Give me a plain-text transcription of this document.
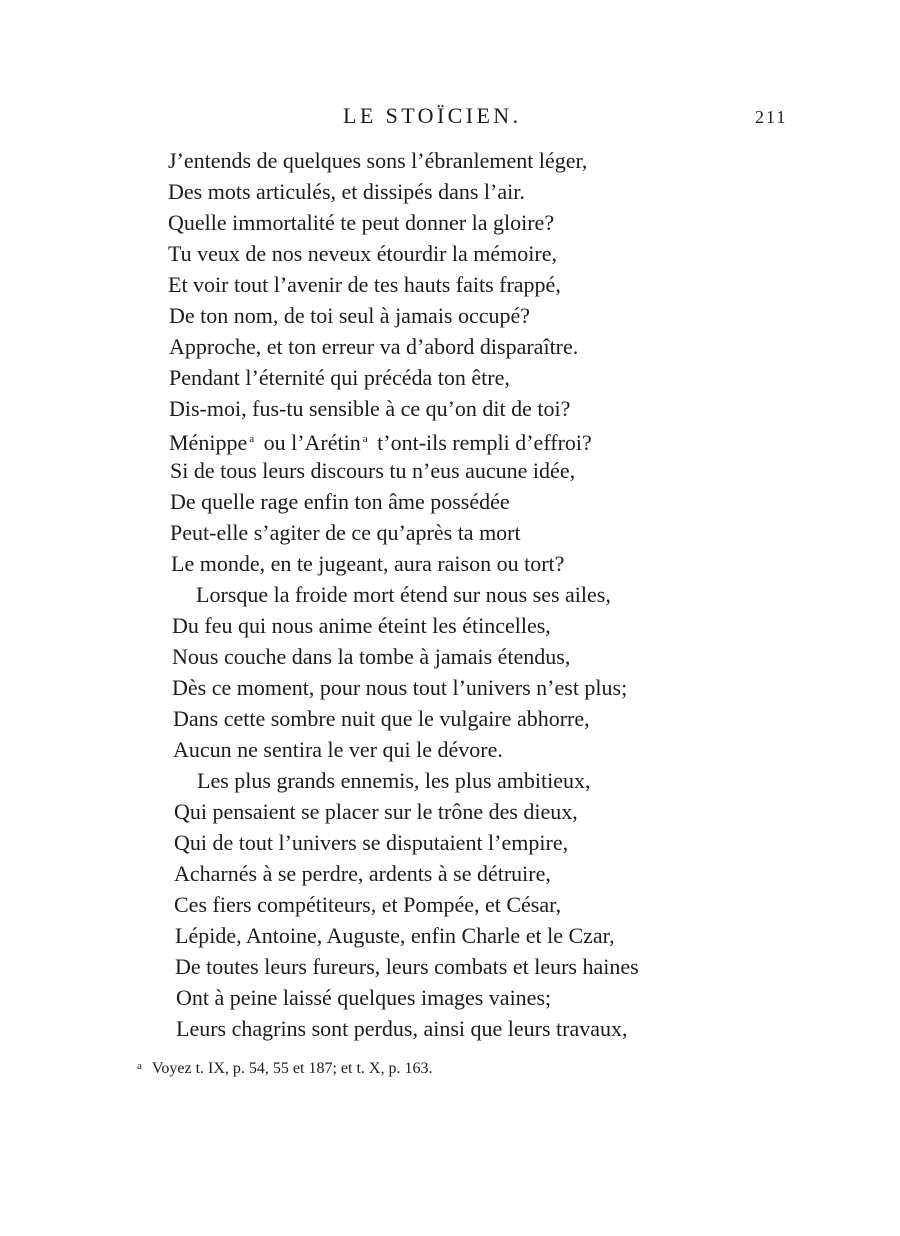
LE STOÏCIEN.	211
J’entends de quelques sons l’ébranlement léger,
Des mots articulés, et dissipés dans l’air.
Quelle immortalité te peut donner la gloire?
Tu veux de nos neveux étourdir la mémoire,
Et voir tout l’avenir de tes hauts faits frappé,
De ton nom, de toi seul à jamais occupé?
Approche, et ton erreur va d’abord disparaître.
Pendant l’éternité qui précéda ton être,
Dis-moi, fus-tu sensible à ce qu’on dit de toi?
Ménippe $^a$ ou l’Arétin $^a$ t’ont-ils rempli d’effroi?
Si de tous leurs discours tu n’eus aucune idée,
De quelle rage enfin ton âme possédée
Peut-elle s’agiter de ce qu’après ta mort
Le monde, en te jugeant, aura raison ou tort?
Lorsque la froide mort étend sur nous ses ailes,
Du feu qui nous anime éteint les étincelles,
Nous couche dans la tombe à jamais étendus,
Dès ce moment, pour nous tout l’univers n’est plus;
Dans cette sombre nuit que le vulgaire abhorre,
Aucun ne sentira le ver qui le dévore.
Les plus grands ennemis, les plus ambitieux,
Qui pensaient se placer sur le trône des dieux,
Qui de tout l’univers se disputaient l’empire,
Acharnés à se perdre, ardents à se détruire,
Ces fiers compétiteurs, et Pompée, et César,
Lépide, Antoine, Auguste, enfin Charle et le Czar,
De toutes leurs fureurs, leurs combats et leurs haines
Ont à peine laissé quelques images vaines;
Leurs chagrins sont perdus, ainsi que leurs travaux,
$^a$ Voyez t. IX, p. 54, 55 et 187; et t. X, p. 163.
